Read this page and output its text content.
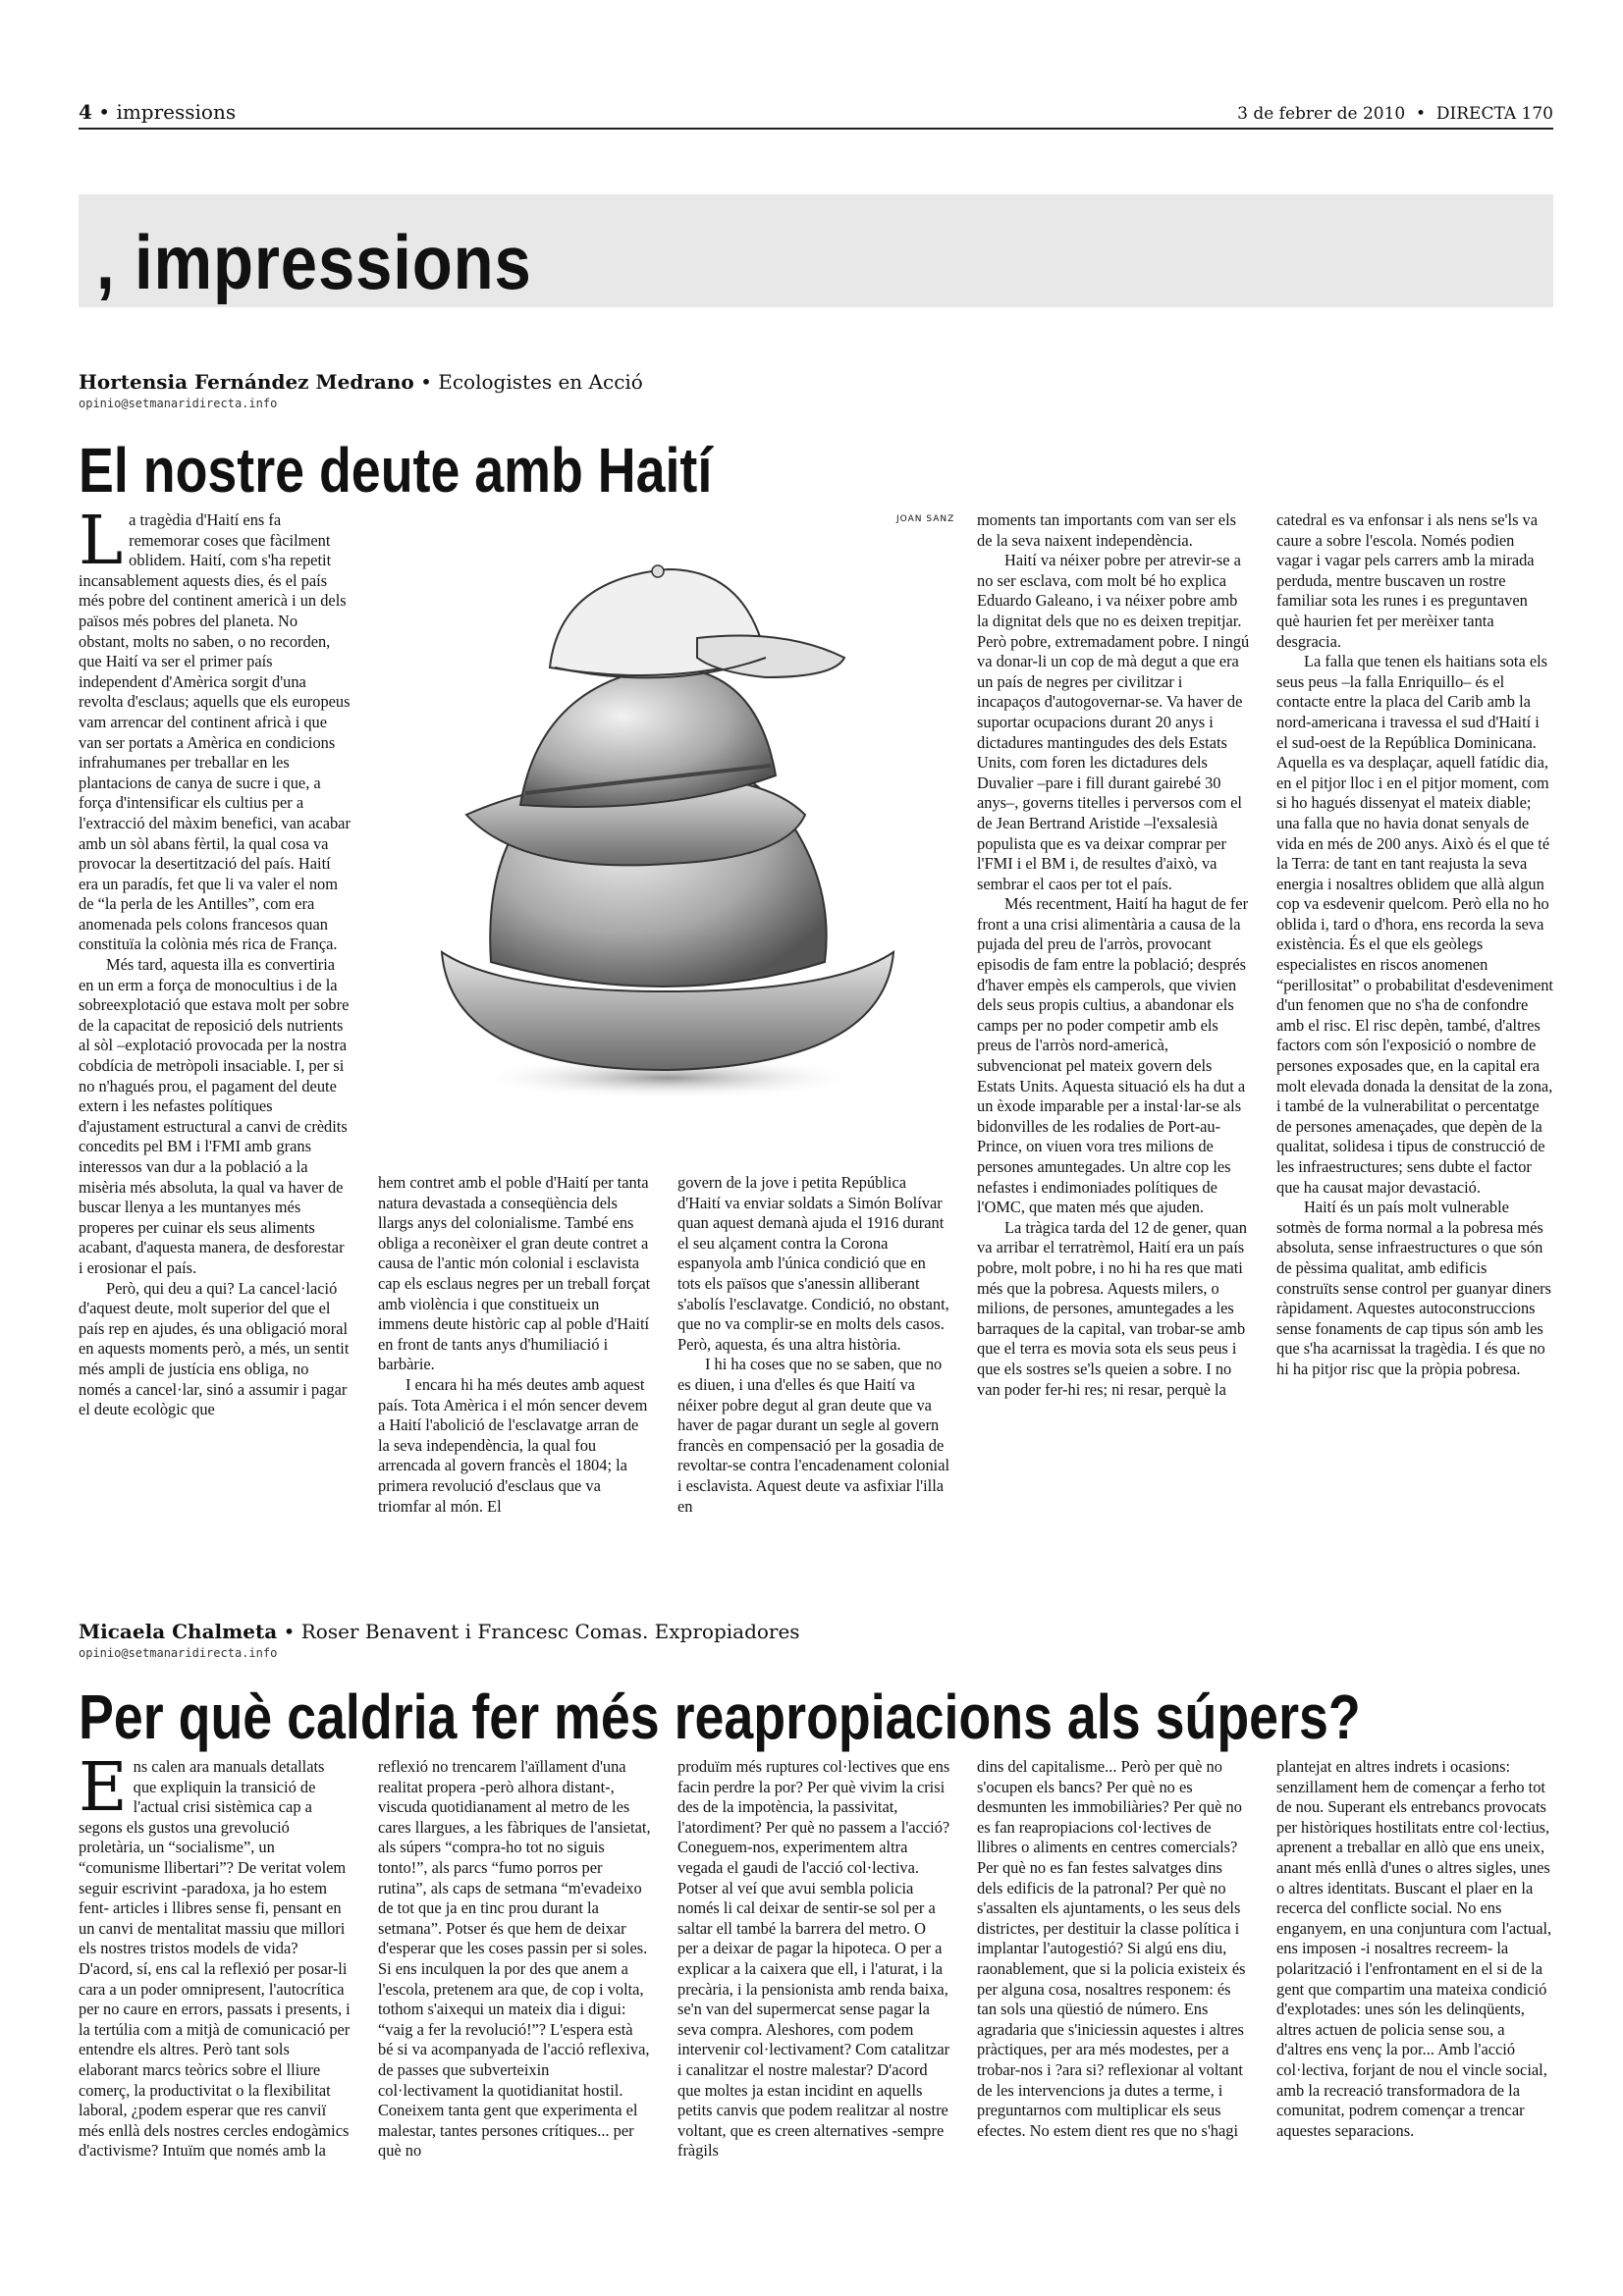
4 • impressions	3 de febrer de 2010 • DIRECTA 170
, impressions
Hortensia Fernández Medrano • Ecologistes en Acció
opinio@setmanaridirecta.info
El nostre deute amb Haití

La tragèdia d'Haití ens fa rememorar coses que fàcilment oblidem. Haití, com s'ha repetit incansablement aquests dies, és el país més pobre del continent americà i un dels països més pobres del planeta. No obstant, molts no saben, o no recorden, que Haití va ser el primer país independent d'Amèrica sorgit d'una revolta d'esclaus; aquells que els europeus vam arrencar del continent africà i que van ser portats a Amèrica en condicions infrahumanes per treballar en les plantacions de canya de sucre i que, a força d'intensificar els cultius per a l'extracció del màxim benefici, van acabar amb un sòl abans fèrtil, la qual cosa va provocar la desertització del país. Haití era un paradís, fet que li va valer el nom de “la perla de les Antilles”, com era anomenada pels colons francesos quan constituïa la colònia més rica de França.

Més tard, aquesta illa es convertiria en un erm a força de monocultius i de la sobreexplotació que estava molt per sobre de la capacitat de reposició dels nutrients al sòl –explotació provocada per la nostra cobdícia de metròpoli insaciable. I, per si no n'hagués prou, el pagament del deute extern i les nefastes polítiques d'ajustament estructural a canvi de crèdits concedits pel BM i l'FMI amb grans interessos van dur a la població a la misèria més absoluta, la qual va haver de buscar llenya a les muntanyes més properes per cuinar els seus aliments acabant, d'aquesta manera, de desforestar i erosionar el país.

Però, qui deu a qui? La cancel·lació d'aquest deute, molt superior del que el país rep en ajudes, és una obligació moral en aquests moments però, a més, un sentit més ampli de justícia ens obliga, no només a cancel·lar, sinó a assumir i pagar el deute ecològic que

JOAN SANZ

hem contret amb el poble d'Haití per tanta natura devastada a conseqüència dels llargs anys del colonialisme. També ens obliga a reconèixer el gran deute contret a causa de l'antic món colonial i esclavista cap els esclaus negres per un treball forçat amb violència i que constitueix un immens deute històric cap al poble d'Haití en front de tants anys d'humiliació i barbàrie.

I encara hi ha més deutes amb aquest país. Tota Amèrica i el món sencer devem a Haití l'abolició de l'esclavatge arran de la seva independència, la qual fou arrencada al govern francès el 1804; la primera revolució d'esclaus que va triomfar al món. El

govern de la jove i petita República d'Haití va enviar soldats a Simón Bolívar quan aquest demanà ajuda el 1916 durant el seu alçament contra la Corona espanyola amb l'única condició que en tots els països que s'anessin alliberant s'abolís l'esclavatge. Condició, no obstant, que no va complir-se en molts dels casos. Però, aquesta, és una altra història.

I hi ha coses que no se saben, que no es diuen, i una d'elles és que Haití va néixer pobre degut al gran deute que va haver de pagar durant un segle al govern francès en compensació per la gosadia de revoltar-se contra l'encadenament colonial i esclavista. Aquest deute va asfixiar l'illa en

moments tan importants com van ser els de la seva naixent independència.

Haití va néixer pobre per atrevir-se a no ser esclava, com molt bé ho explica Eduardo Galeano, i va néixer pobre amb la dignitat dels que no es deixen trepitjar. Però pobre, extremadament pobre. I ningú va donar-li un cop de mà degut a que era un país de negres per civilitzar i incapaços d'autogovernar-se. Va haver de suportar ocupacions durant 20 anys i dictadures mantingudes des dels Estats Units, com foren les dictadures dels Duvalier –pare i fill durant gairebé 30 anys–, governs titelles i perversos com el de Jean Bertrand Aristide –l'exsalesià populista que es va deixar comprar per l'FMI i el BM i, de resultes d'això, va sembrar el caos per tot el país.

Més recentment, Haití ha hagut de fer front a una crisi alimentària a causa de la pujada del preu de l'arròs, provocant episodis de fam entre la població; després d'haver empès els camperols, que vivien dels seus propis cultius, a abandonar els camps per no poder competir amb els preus de l'arròs nord-americà, subvencionat pel mateix govern dels Estats Units. Aquesta situació els ha dut a un èxode imparable per a instal·lar-se als bidonvilles de les rodalies de Port-au-Prince, on viuen vora tres milions de persones amuntegades. Un altre cop les nefastes i endimoniades polítiques de l'OMC, que maten més que ajuden.

La tràgica tarda del 12 de gener, quan va arribar el terratrèmol, Haití era un país pobre, molt pobre, i no hi ha res que mati més que la pobresa. Aquests milers, o milions, de persones, amuntegades a les barraques de la capital, van trobar-se amb que el terra es movia sota els seus peus i que els sostres se'ls queien a sobre. I no van poder fer-hi res; ni resar, perquè la

catedral es va enfonsar i als nens se'ls va caure a sobre l'escola. Només podien vagar i vagar pels carrers amb la mirada perduda, mentre buscaven un rostre familiar sota les runes i es preguntaven què haurien fet per merèixer tanta desgracia.

La falla que tenen els haitians sota els seus peus –la falla Enriquillo– és el contacte entre la placa del Carib amb la nord-americana i travessa el sud d'Haití i el sud-oest de la República Dominicana. Aquella es va desplaçar, aquell fatídic dia, en el pitjor lloc i en el pitjor moment, com si ho hagués dissenyat el mateix diable; una falla que no havia donat senyals de vida en més de 200 anys. Això és el que té la Terra: de tant en tant reajusta la seva energia i nosaltres oblidem que allà algun cop va esdevenir quelcom. Però ella no ho oblida i, tard o d'hora, ens recorda la seva existència. És el que els geòlegs especialistes en riscos anomenen “perillositat” o probabilitat d'esdeveniment d'un fenomen que no s'ha de confondre amb el risc. El risc depèn, també, d'altres factors com són l'exposició o nombre de persones exposades que, en la capital era molt elevada donada la densitat de la zona, i també de la vulnerabilitat o percentatge de persones amenaçades, que depèn de la qualitat, solidesa i tipus de construcció de les infraestructures; sens dubte el factor que ha causat major devastació.

Haití és un país molt vulnerable sotmès de forma normal a la pobresa més absoluta, sense infraestructures o que són de pèssima qualitat, amb edificis construïts sense control per guanyar diners ràpidament. Aquestes autoconstruccions sense fonaments de cap tipus són amb les que s'ha acarnissat la tragèdia. I és que no hi ha pitjor risc que la pròpia pobresa.

Micaela Chalmeta • Roser Benavent i Francesc Comas. Expropiadores
opinio@setmanaridirecta.info
Per què caldria fer més reapropiacions als súpers?

Ens calen ara manuals detallats que expliquin la transició de l'actual crisi sistèmica cap a segons els gustos una grevolució proletària, un “socialisme”, un “comunisme llibertari”? De veritat volem seguir escrivint -paradoxa, ja ho estem fent- articles i llibres sense fi, pensant en un canvi de mentalitat massiu que millori els nostres tristos models de vida? D'acord, sí, ens cal la reflexió per posar-li cara a un poder omnipresent, l'autocrítica per no caure en errors, passats i presents, i la tertúlia com a mitjà de comunicació per entendre els altres. Però tant sols elaborant marcs teòrics sobre el lliure comerç, la productivitat o la flexibilitat laboral, ¿podem esperar que res canviï més enllà dels nostres cercles endogàmics d'activisme? Intuïm que només amb la

reflexió no trencarem l'aïllament d'una realitat propera -però alhora distant-, viscuda quotidianament al metro de les cares llargues, a les fàbriques de l'ansietat, als súpers “compra-ho tot no siguis tonto!”, als parcs “fumo porros per rutina”, als caps de setmana “m'evadeixo de tot que ja en tinc prou durant la setmana”. Potser és que hem de deixar d'esperar que les coses passin per si soles. Si ens inculquen la por des que anem a l'escola, pretenem ara que, de cop i volta, tothom s'aixequi un mateix dia i digui: “vaig a fer la revolució!”? L'espera està bé si va acompanyada de l'acció reflexiva, de passes que subverteixin col·lectivament la quotidianitat hostil. Coneixem tanta gent que experimenta el malestar, tantes persones crítiques... per què no

produïm més ruptures col·lectives que ens facin perdre la por? Per què vivim la crisi des de la impotència, la passivitat, l'atordiment? Per què no passem a l'acció? Coneguem-nos, experimentem altra vegada el gaudi de l'acció col·lectiva. Potser al veí que avui sembla policia només li cal deixar de sentir-se sol per a saltar ell també la barrera del metro. O per a deixar de pagar la hipoteca. O per a explicar a la caixera que ell, i l'aturat, i la precària, i la pensionista amb renda baixa, se'n van del supermercat sense pagar la seva compra. Aleshores, com podem intervenir col·lectivament? Com catalitzar i canalitzar el nostre malestar? D'acord que moltes ja estan incidint en aquells petits canvis que podem realitzar al nostre voltant, que es creen alternatives -sempre fràgils

dins del capitalisme... Però per què no s'ocupen els bancs? Per què no es desmunten les immobiliàries? Per què no es fan reapropiacions col·lectives de llibres o aliments en centres comercials? Per què no es fan festes salvatges dins dels edificis de la patronal? Per què no s'assalten els ajuntaments, o les seus dels districtes, per destituir la classe política i implantar l'autogestió? Si algú ens diu, raonablement, que si la policia existeix és per alguna cosa, nosaltres responem: és tan sols una qüestió de número. Ens agradaria que s'iniciessin aquestes i altres pràctiques, per ara més modestes, per a trobar-nos i ?ara si? reflexionar al voltant de les intervencions ja dutes a terme, i preguntarnos com multiplicar els seus efectes. No estem dient res que no s'hagi

plantejat en altres indrets i ocasions: senzillament hem de començar a ferho tot de nou. Superant els entrebancs provocats per històriques hostilitats entre col·lectius, aprenent a treballar en allò que ens uneix, anant més enllà d'unes o altres sigles, unes o altres identitats. Buscant el plaer en la recerca del conflicte social. No ens enganyem, en una conjuntura com l'actual, ens imposen -i nosaltres recreem- la polarització i l'enfrontament en el si de la gent que compartim una mateixa condició d'explotades: unes són les delinqüents, altres actuen de policia sense sou, a d'altres ens venç la por... Amb l'acció col·lectiva, forjant de nou el vincle social, amb la recreació transformadora de la comunitat, podrem començar a trencar aquestes separacions.
